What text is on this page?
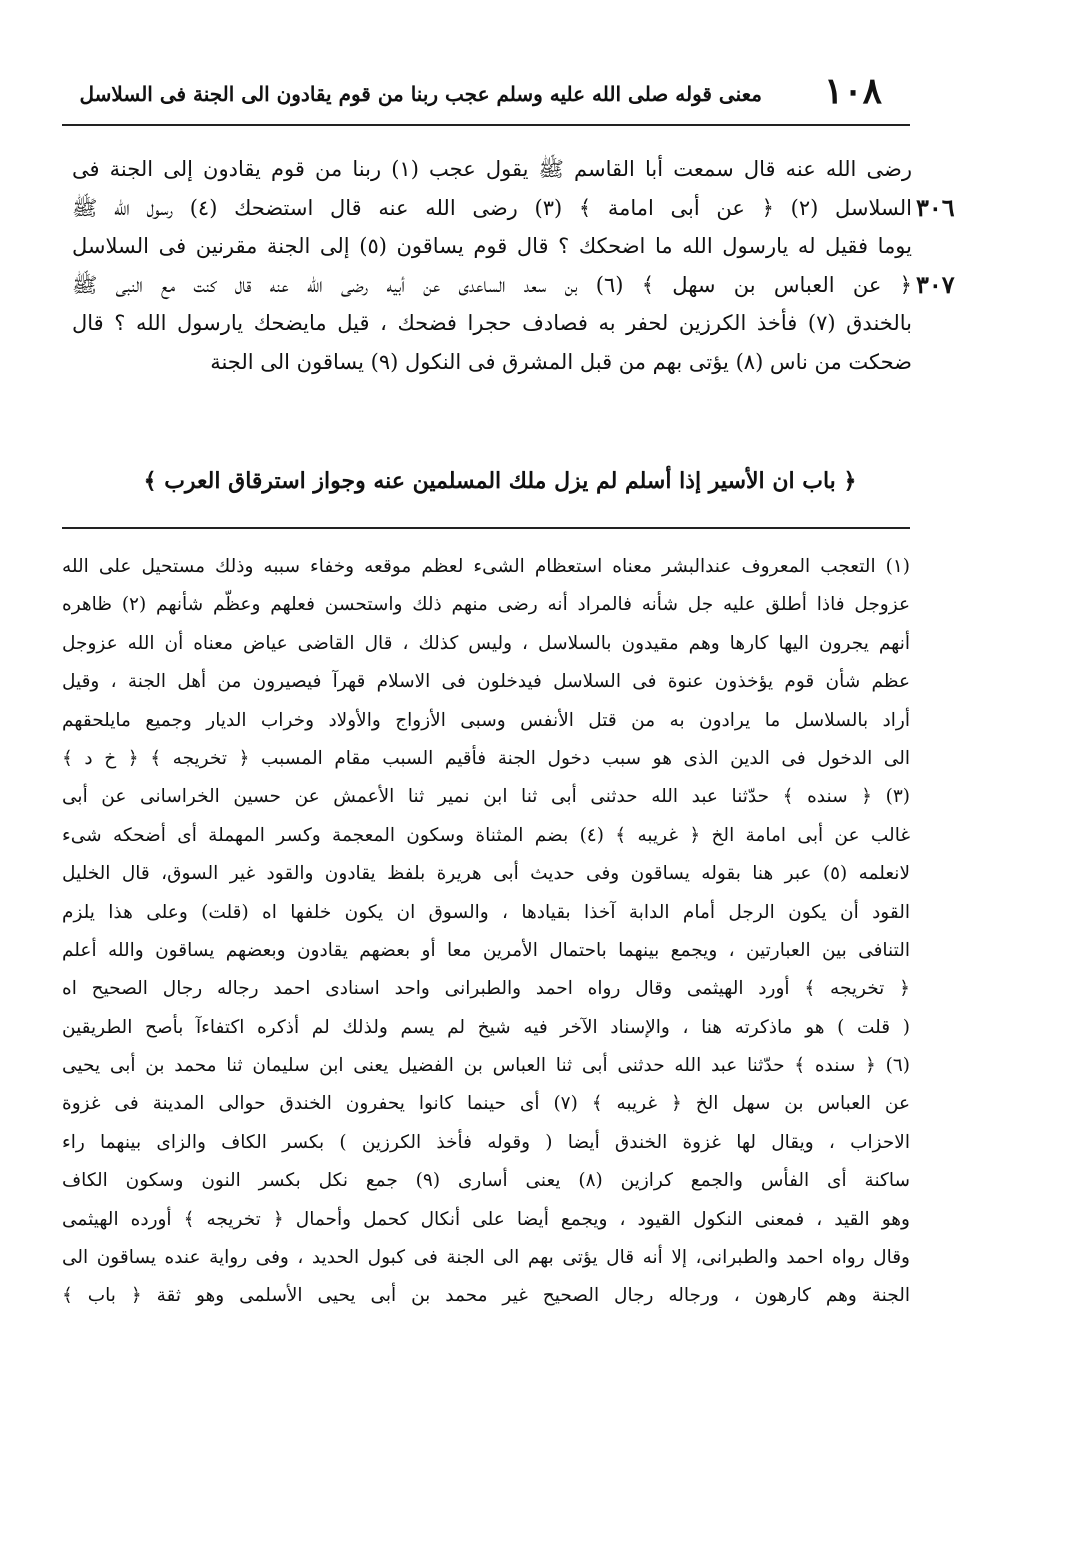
١٠٨
معنى قوله صلى الله عليه وسلم عجب ربنا من قوم يقادون الى الجنة فى السلاسل
رضى الله عنه قال سمعت أبا القاسم ﷺ يقول عجب (١) ربنا من قوم يقادون إلى الجنة فى
السلاسل (٢) ﴿ عن أبى امامة ﴾ (٣) رضى الله عنه قال استضحك (٤) رسول الله ﷺ ٣٠٦
يوما فقيل له يارسول الله ما اضحكك ؟ قال قوم يساقون (٥) إلى الجنة مقرنين فى السلاسل
﴿ عن العباس بن سهل ﴾ (٦) بن سعد الساعدى عن أبيه رضى الله عنه قال كنت مع النبى ﷺ ٣٠٧
بالخندق (٧) فأخذ الكرزين لحفر به فصادف حجرا فضحك ، قيل مايضحك يارسول الله ؟ قال
ضحكت من ناس (٨) يؤتى بهم من قبل المشرق فى النكول (٩) يساقون الى الجنة
﴿ باب ان الأسير إذا أسلم لم يزل ملك المسلمين عنه وجواز استرقاق العرب ﴾
(١) التعجب المعروف عندالبشر معناه استعظام الشىء لعظم موقعه وخفاء سببه وذلك مستحيل على الله
عزوجل فاذا أطلق عليه جل شأنه فالمراد أنه رضى منهم ذلك واستحسن فعلهم وعظّم شأنهم (٢) ظاهره
أنهم يجرون اليها كارها وهم مقيدون بالسلاسل ، وليس كذلك ، قال القاضى عياض معناه أن الله عزوجل
عظم شأن قوم يؤخذون عنوة فى السلاسل فيدخلون فى الاسلام قهرآ فيصيرون من أهل الجنة ، وقيل
أراد بالسلاسل ما يرادون به من قتل الأنفس وسبى الأزواج والأولاد وخراب الديار وجميع مايلحقهم
الى الدخول فى الدين الذى هو سبب دخول الجنة فأقيم السبب مقام المسبب ﴿ تخريجه ﴾ ﴿ خ د ﴾
(٣) ﴿ سنده ﴾ حدّثنا عبد الله حدثنى أبى ثنا ابن نمير ثنا الأعمش عن حسين الخراسانى عن أبى
غالب عن أبى امامة الخ ﴿ غريبه ﴾ (٤) بضم المثناة وسكون المعجمة وكسر المهملة أى أضحكه شىء
لانعلمه (٥) عبر هنا بقوله يساقون وفى حديث أبى هريرة بلفظ يقادون والقود غير السوق، قال الخليل
القود أن يكون الرجل أمام الدابة آخذا بقيادها ، والسوق ان يكون خلفها اه (قلت) وعلى هذا يلزم
التنافى بين العبارتين ، ويجمع بينهما باحتمال الأمرين معا أو بعضهم يقادون وبعضهم يساقون والله أعلم
﴿ تخريجه ﴾ أورد الهيثمى وقال رواه احمد والطبرانى واحد اسنادى احمد رجاله رجال الصحيح اه
( قلت ) هو ماذكرته هنا ، والإسناد الآخر فيه شيخ لم يسم ولذلك لم أذكره اكتفاءآ بأصح الطريقين
(٦) ﴿ سنده ﴾ حدّثنا عبد الله حدثنى أبى ثنا العباس بن الفضيل يعنى ابن سليمان ثنا محمد بن أبى يحيى
عن العباس بن سهل الخ ﴿ غريبه ﴾ (٧) أى حينما كانوا يحفرون الخندق حوالى المدينة فى غزوة
الاحزاب ، ويقال لها غزوة الخندق أيضا ( وقوله فأخذ الكرزين ) بكسر الكاف والزاى بينهما راء
ساكنة أى الفأس والجمع كرازين (٨) يعنى أسارى (٩) جمع نكل بكسر النون وسكون الكاف
وهو القيد ، فمعنى النكول القيود ، ويجمع أيضا على أنكال كحمل وأحمال ﴿ تخريجه ﴾ أورده الهيثمى
وقال رواه احمد والطبرانى، إلا أنه قال يؤتى بهم الى الجنة فى كبول الحديد ، وفى رواية عنده يساقون الى
الجنة وهم كارهون ، ورجاله رجال الصحيح غير محمد بن أبى يحيى الأسلمى وهو ثقة ﴿ باب ﴾
